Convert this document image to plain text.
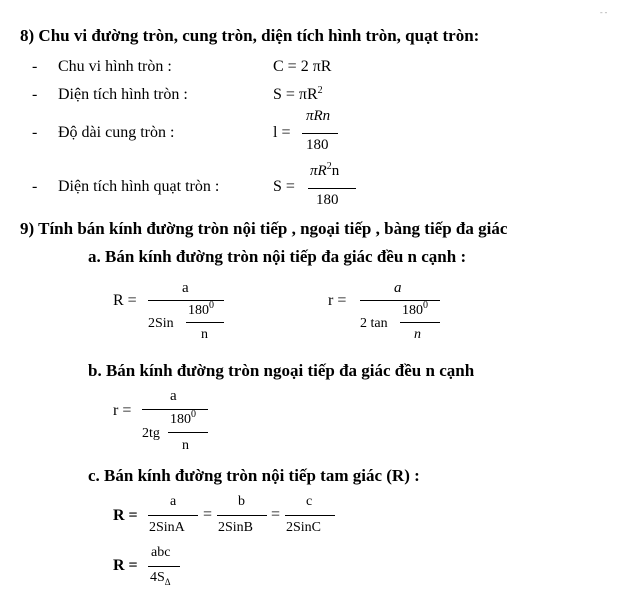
- -
8) Chu vi đường tròn, cung tròn, diện tích hình tròn, quạt tròn:
- Chu vi hình tròn :	C = 2 πR
- Diện tích hình tròn :	$S = \pi R^2$
- Độ dài cung tròn :	l =
πRn
180
- Diện tích hình quạt tròn :	S =
$\pi R^2n$
180
9) Tính bán kính đường tròn nội tiếp , ngoại tiếp , bàng tiếp đa giác
a. Bán kính đường tròn nội tiếp đa giác đều n cạnh :
R =
a
2Sin
$180^0$
n
r =
a
2 tan
$180^0$
n
b. Bán kính đường tròn ngoại tiếp đa giác đều n cạnh
r =
a
2tg
$180^0$
n
c. Bán kính đường tròn nội tiếp tam giác (R) :
R =
a
2SinA
=
b
2SinB
=
c
2SinC
R =
abc
$4S_\Delta$
